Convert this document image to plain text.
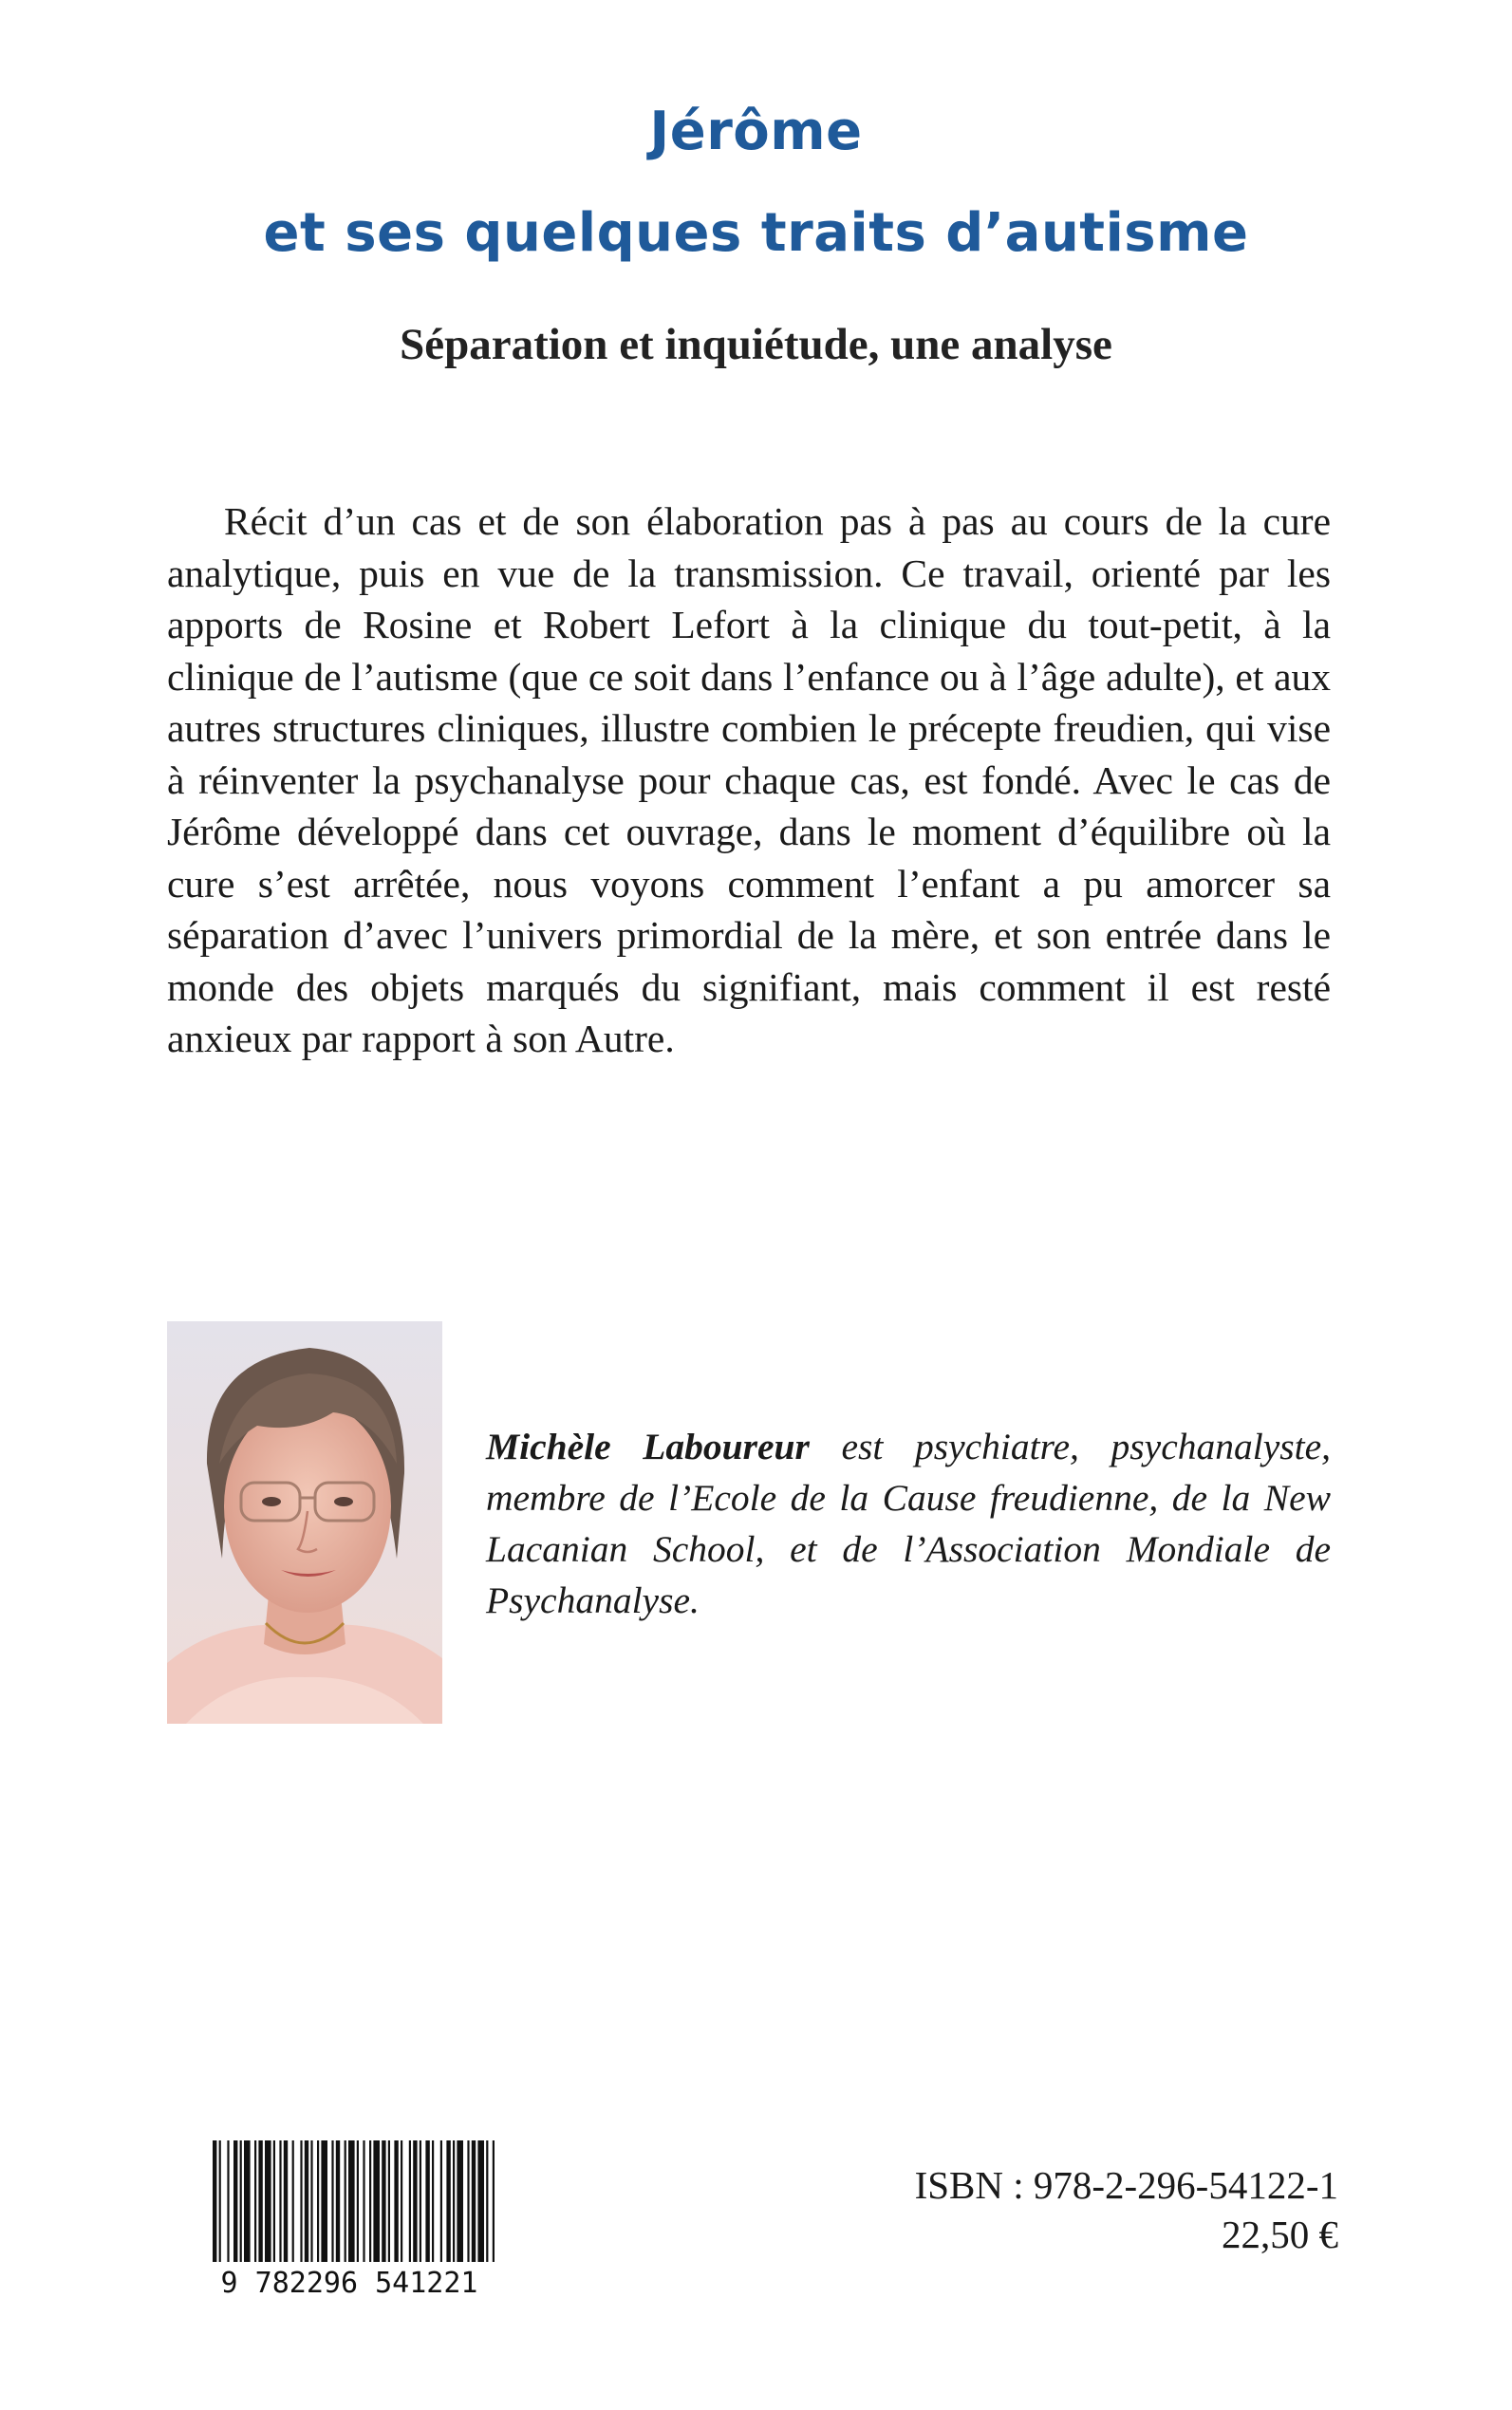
Jérôme
et ses quelques traits d’autisme
Séparation et inquiétude, une analyse

Récit d’un cas et de son élaboration pas à pas au cours de la cure analytique, puis en vue de la transmission. Ce travail, orienté par les apports de Rosine et Robert Lefort à la clinique du tout-petit, à la clinique de l’autisme (que ce soit dans l’enfance ou à l’âge adulte), et aux autres structures cliniques, illustre combien le précepte freudien, qui vise à réinventer la psychanalyse pour chaque cas, est fondé. Avec le cas de Jérôme développé dans cet ouvrage, dans le moment d’équilibre où la cure s’est arrêtée, nous voyons comment l’enfant a pu amorcer sa séparation d’avec l’univers primordial de la mère, et son entrée dans le monde des objets marqués du signifiant, mais comment il est resté anxieux par rapport à son Autre.

Michèle Laboureur est psychiatre, psychanalyste, membre de l’Ecole de la Cause freudienne, de la New Lacanian School, et de l’Association Mondiale de Psychanalyse.

9 782296 541221

ISBN : 978-2-296-54122-1

22,50 €
